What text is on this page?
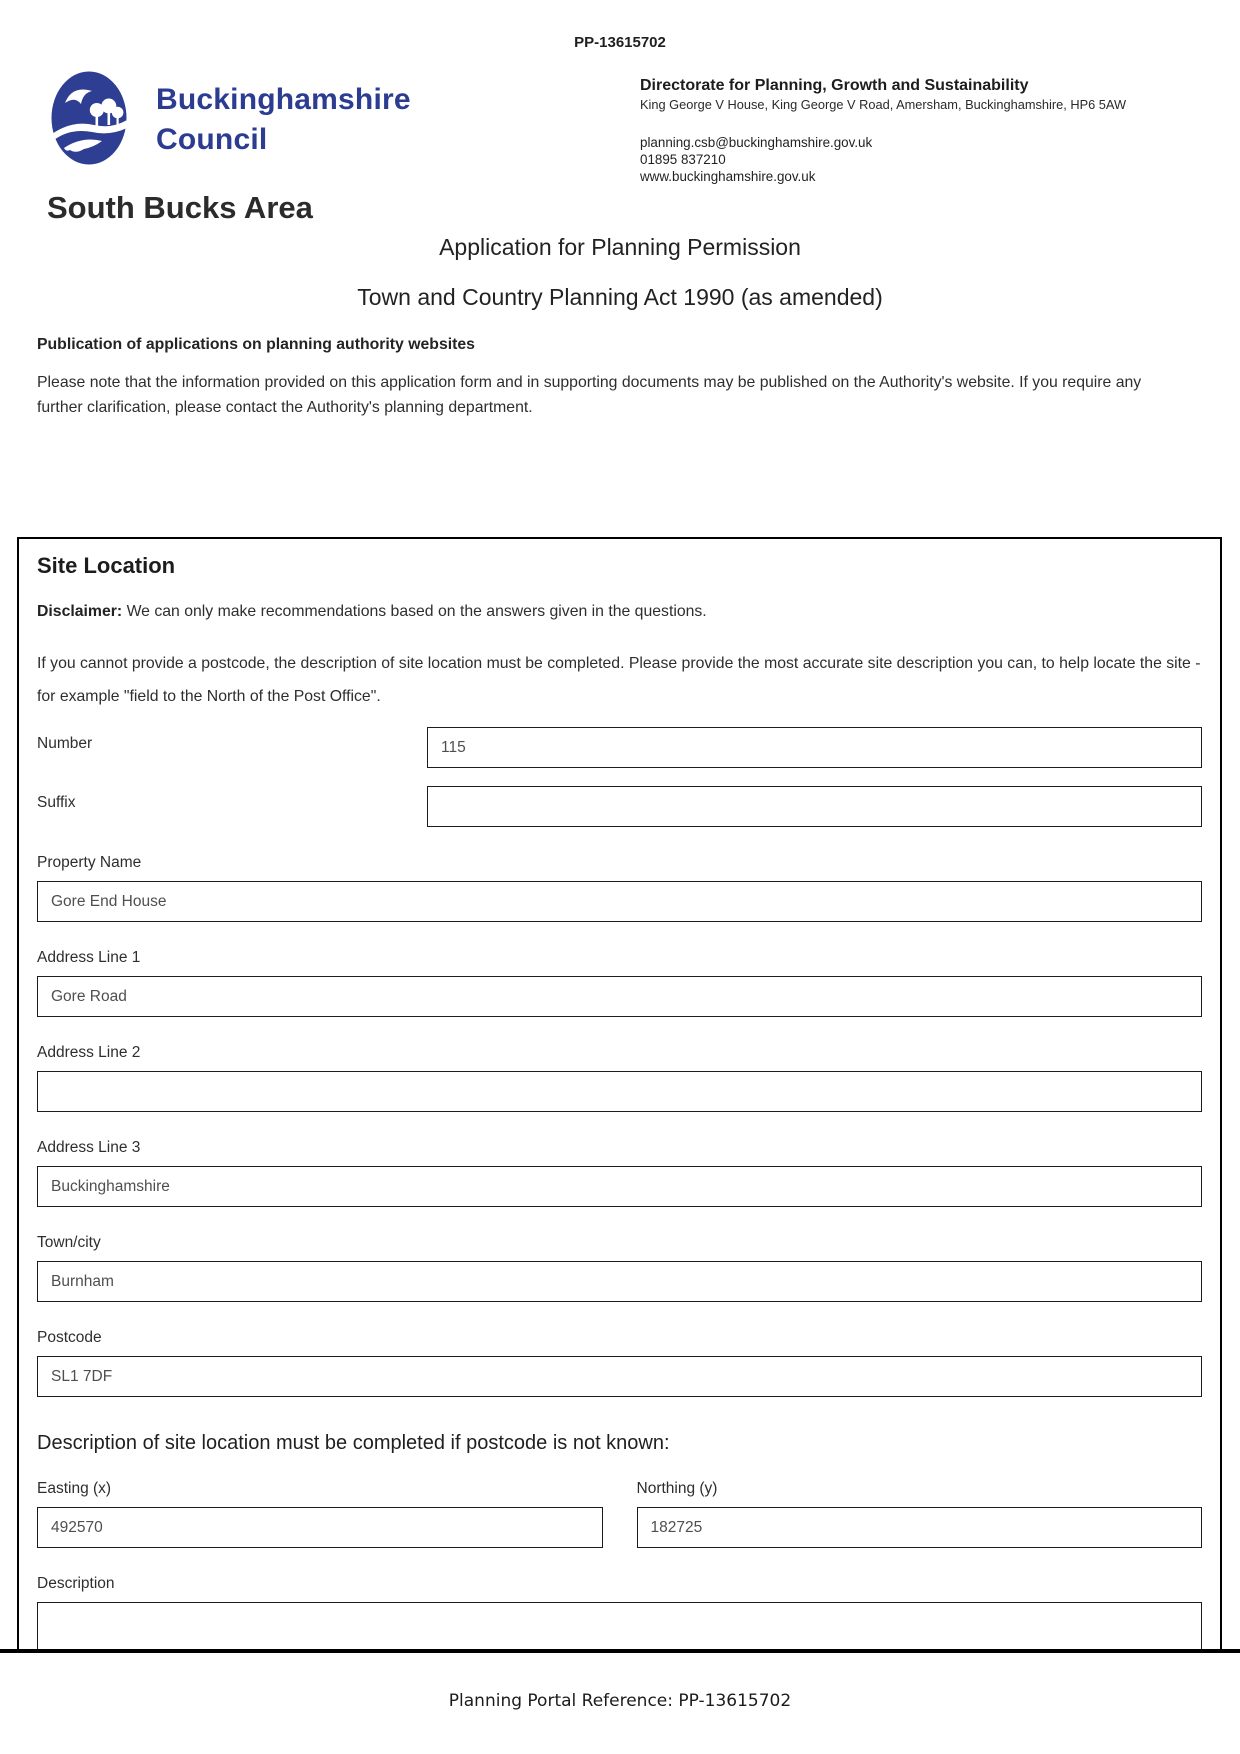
PP-13615702
Buckinghamshire
Council
Directorate for Planning, Growth and Sustainability
King George V House, King George V Road, Amersham, Buckinghamshire, HP6 5AW
planning.csb@buckinghamshire.gov.uk
01895 837210
www.buckinghamshire.gov.uk
South Bucks Area
Application for Planning Permission
Town and Country Planning Act 1990 (as amended)
Publication of applications on planning authority websites
Please note that the information provided on this application form and in supporting documents may be published on the Authority's website. If you require any further clarification, please contact the Authority's planning department.
Site Location

Disclaimer: We can only make recommendations based on the answers given in the questions.

If you cannot provide a postcode, the description of site location must be completed. Please provide the most accurate site description you can, to help locate the site - for example "field to the North of the Post Office".

Number
115
Suffix
Property Name
Gore End House
Address Line 1
Gore Road
Address Line 2
Address Line 3
Buckinghamshire
Town/city
Burnham
Postcode
SL1 7DF
Description of site location must be completed if postcode is not known:
Easting (x)
492570	Northing (y)
182725
Description
Planning Portal Reference: PP-13615702
